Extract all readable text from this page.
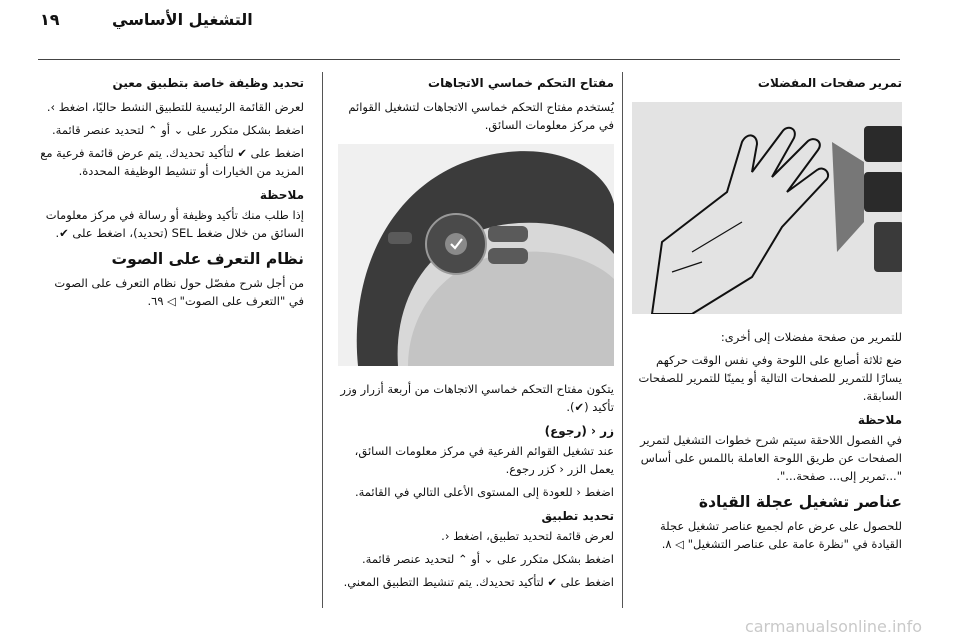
١٩	التشغيل الأساسي
تمرير صفحات المفضلات

للتمرير من صفحة مفضلات إلى أخرى:

ضع ثلاثة أصابع على اللوحة وفي نفس الوقت حركهم يسارًا للتمرير للصفحات التالية أو يمينًا للتمرير للصفحات السابقة.

ملاحظة

في الفصول اللاحقة سيتم شرح خطوات التشغيل لتمرير الصفحات عن طريق اللوحة العاملة باللمس على أساس "...تمرير إلى... صفحة...".

عناصر تشغيل عجلة القيادة

للحصول على عرض عام لجميع عناصر تشغيل عجلة القيادة في "نظرة عامة على عناصر التشغيل" ◁ ٨.

مفتاح التحكم خماسي الاتجاهات

يُستخدم مفتاح التحكم خماسي الاتجاهات لتشغيل القوائم في مركز معلومات السائق.

يتكون مفتاح التحكم خماسي الاتجاهات من أربعة أزرار وزر تأكيد (✔).

زر ‹ (رجوع)

عند تشغيل القوائم الفرعية في مركز معلومات السائق، يعمل الزر ‹ كزر رجوع.

اضغط ‹ للعودة إلى المستوى الأعلى التالي في القائمة.

تحديد تطبيق

لعرض قائمة لتحديد تطبيق، اضغط ‹.

اضغط بشكل متكرر على ⌄ أو ⌃ لتحديد عنصر قائمة.

اضغط على ✔ لتأكيد تحديدك. يتم تنشيط التطبيق المعني.

تحديد وظيفة خاصة بتطبيق معين

لعرض القائمة الرئيسية للتطبيق النشط حاليًا، اضغط ›.

اضغط بشكل متكرر على ⌄ أو ⌃ لتحديد عنصر قائمة.

اضغط على ✔ لتأكيد تحديدك. يتم عرض قائمة فرعية مع المزيد من الخيارات أو تنشيط الوظيفة المحددة.

ملاحظة

إذا طلب منك تأكيد وظيفة أو رسالة في مركز معلومات السائق من خلال ضغط SEL (تحديد)، اضغط على ✔.

نظام التعرف على الصوت

من أجل شرح مفصّل حول نظام التعرف على الصوت في "التعرف على الصوت" ◁ ٦٩.

carmanualsonline.info
